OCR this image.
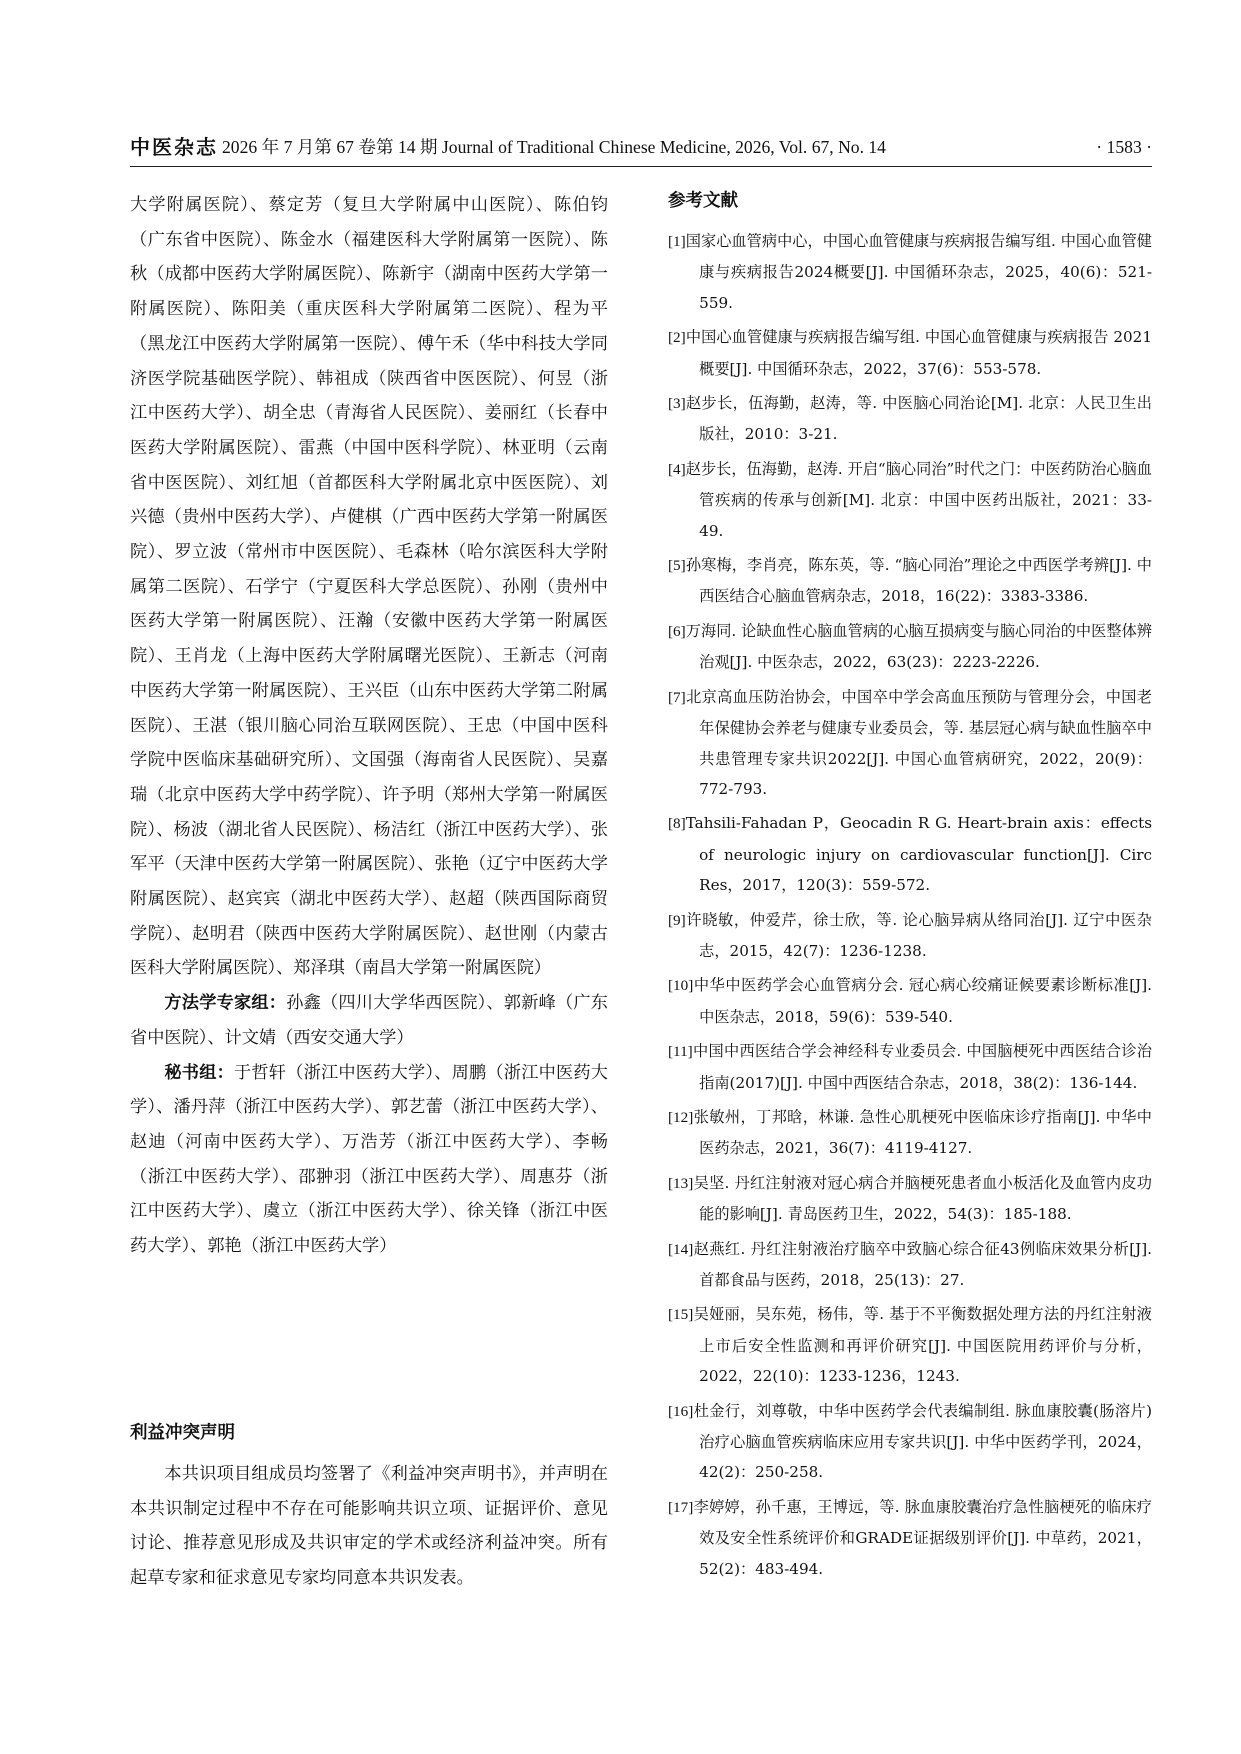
中医杂志 2026 年 7 月第 67 卷第 14 期 Journal of Traditional Chinese Medicine, 2026, Vol. 67, No. 14	· 1583 ·

大学附属医院）、蔡定芳（复旦大学附属中山医院）、陈伯钧（广东省中医院）、陈金水（福建医科大学附属第一医院）、陈秋（成都中医药大学附属医院）、陈新宇（湖南中医药大学第一附属医院）、陈阳美（重庆医科大学附属第二医院）、程为平（黑龙江中医药大学附属第一医院）、傅午禾（华中科技大学同济医学院基础医学院）、韩祖成（陕西省中医医院）、何昱（浙江中医药大学）、胡全忠（青海省人民医院）、姜丽红（长春中医药大学附属医院）、雷燕（中国中医科学院）、林亚明（云南省中医医院）、刘红旭（首都医科大学附属北京中医医院）、刘兴德（贵州中医药大学）、卢健棋（广西中医药大学第一附属医院）、罗立波（常州市中医医院）、毛森林（哈尔滨医科大学附属第二医院）、石学宁（宁夏医科大学总医院）、孙刚（贵州中医药大学第一附属医院）、汪瀚（安徽中医药大学第一附属医院）、王肖龙（上海中医药大学附属曙光医院）、王新志（河南中医药大学第一附属医院）、王兴臣（山东中医药大学第二附属医院）、王湛（银川脑心同治互联网医院）、王忠（中国中医科学院中医临床基础研究所）、文国强（海南省人民医院）、吴嘉瑞（北京中医药大学中药学院）、许予明（郑州大学第一附属医院）、杨波（湖北省人民医院）、杨洁红（浙江中医药大学）、张军平（天津中医药大学第一附属医院）、张艳（辽宁中医药大学附属医院）、赵宾宾（湖北中医药大学）、赵超（陕西国际商贸学院）、赵明君（陕西中医药大学附属医院）、赵世刚（内蒙古医科大学附属医院）、郑泽琪（南昌大学第一附属医院）

方法学专家组：孙鑫（四川大学华西医院）、郭新峰（广东省中医院）、计文婧（西安交通大学）

秘书组：于哲轩（浙江中医药大学）、周鹏（浙江中医药大学）、潘丹萍（浙江中医药大学）、郭艺蕾（浙江中医药大学）、赵迪（河南中医药大学）、万浩芳（浙江中医药大学）、李畅（浙江中医药大学）、邵翀羽（浙江中医药大学）、周惠芬（浙江中医药大学）、虞立（浙江中医药大学）、徐关锋（浙江中医药大学）、郭艳（浙江中医药大学）

利益冲突声明

本共识项目组成员均签署了《利益冲突声明书》，并声明在本共识制定过程中不存在可能影响共识立项、证据评价、意见讨论、推荐意见形成及共识审定的学术或经济利益冲突。所有起草专家和征求意见专家均同意本共识发表。

参考文献

[1]国家心血管病中心，中国心血管健康与疾病报告编写组. 中国心血管健康与疾病报告2024概要[J]. 中国循环杂志，2025，40(6)：521-559.

[2]中国心血管健康与疾病报告编写组. 中国心血管健康与疾病报告 2021 概要[J]. 中国循环杂志，2022，37(6)：553-578.

[3]赵步长，伍海勤，赵涛，等. 中医脑心同治论[M]. 北京：人民卫生出版社，2010：3-21.

[4]赵步长，伍海勤，赵涛. 开启“脑心同治”时代之门：中医药防治心脑血管疾病的传承与创新[M]. 北京：中国中医药出版社，2021：33-49.

[5]孙寒梅，李肖亮，陈东英，等. “脑心同治”理论之中西医学考辨[J]. 中西医结合心脑血管病杂志，2018，16(22)：3383-3386.

[6]万海同. 论缺血性心脑血管病的心脑互损病变与脑心同治的中医整体辨治观[J]. 中医杂志，2022，63(23)：2223-2226.

[7]北京高血压防治协会，中国卒中学会高血压预防与管理分会，中国老年保健协会养老与健康专业委员会，等. 基层冠心病与缺血性脑卒中共患管理专家共识2022[J]. 中国心血管病研究，2022，20(9)：772-793.

[8]Tahsili-Fahadan P，Geocadin R G. Heart-brain axis：effects of neurologic injury on cardiovascular function[J]. Circ Res，2017，120(3)：559-572.

[9]许晓敏，仲爱芹，徐士欣，等. 论心脑异病从络同治[J]. 辽宁中医杂志，2015，42(7)：1236-1238.

[10]中华中医药学会心血管病分会. 冠心病心绞痛证候要素诊断标准[J]. 中医杂志，2018，59(6)：539-540.

[11]中国中西医结合学会神经科专业委员会. 中国脑梗死中西医结合诊治指南(2017)[J]. 中国中西医结合杂志，2018，38(2)：136-144.

[12]张敏州，丁邦晗，林谦. 急性心肌梗死中医临床诊疗指南[J]. 中华中医药杂志，2021，36(7)：4119-4127.

[13]吴坚. 丹红注射液对冠心病合并脑梗死患者血小板活化及血管内皮功能的影响[J]. 青岛医药卫生，2022，54(3)：185-188.

[14]赵燕红. 丹红注射液治疗脑卒中致脑心综合征43例临床效果分析[J]. 首都食品与医药，2018，25(13)：27.

[15]吴娅丽，吴东苑，杨伟，等. 基于不平衡数据处理方法的丹红注射液上市后安全性监测和再评价研究[J]. 中国医院用药评价与分析，2022，22(10)：1233-1236，1243.

[16]杜金行，刘尊敬，中华中医药学会代表编制组. 脉血康胶囊(肠溶片)治疗心脑血管疾病临床应用专家共识[J]. 中华中医药学刊，2024，42(2)：250-258.

[17]李婷婷，孙千惠，王博远，等. 脉血康胶囊治疗急性脑梗死的临床疗效及安全性系统评价和GRADE证据级别评价[J]. 中草药，2021，52(2)：483-494.
